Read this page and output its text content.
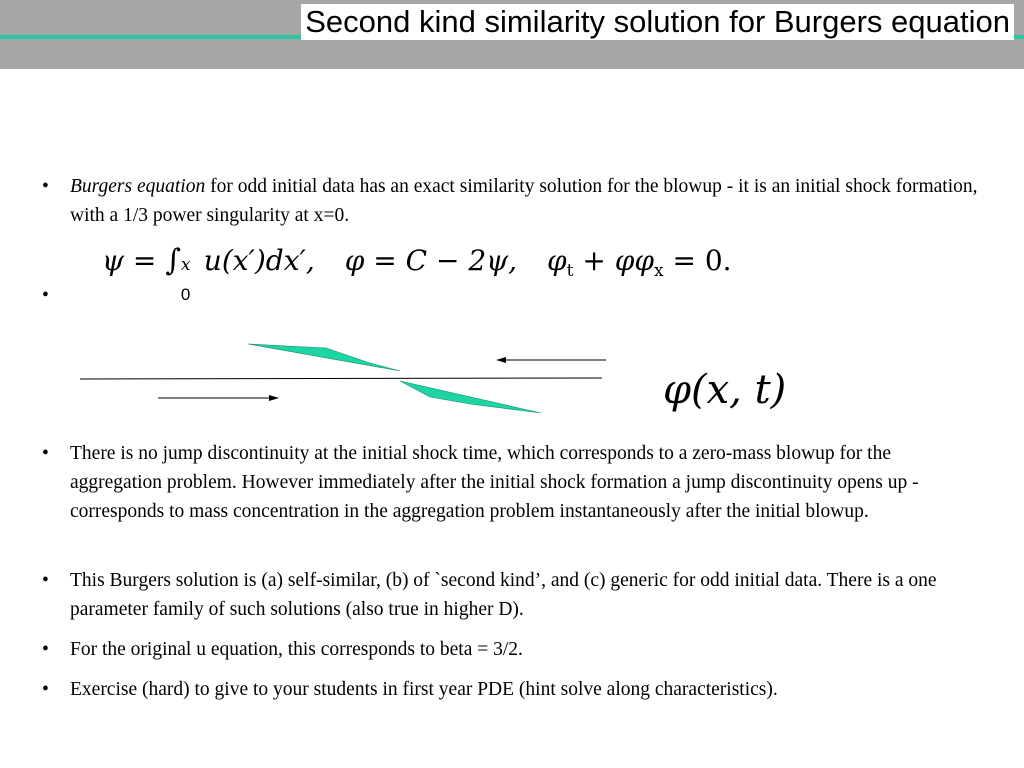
Second kind similarity solution for Burgers equation
• Burgers equation for odd initial data has an exact similarity solution for the blowup - it is an initial shock formation, with a 1/3 power singularity at x=0.
ψ = ∫ x
0
u(x′)dx′, φ = C − 2ψ, $\varphi_t + \varphi\varphi_x = 0$.
•
φ(x, t)
• There is no jump discontinuity at the initial shock time, which corresponds to a zero-mass blowup for the aggregation problem. However immediately after the initial shock formation a jump discontinuity opens up - corresponds to mass concentration in the aggregation problem instantaneously after the initial blowup.
• This Burgers solution is (a) self-similar, (b) of `second kind’, and (c) generic for odd initial data. There is a one parameter family of such solutions (also true in higher D).
• For the original u equation, this corresponds to beta = 3/2.
• Exercise (hard) to give to your students in first year PDE (hint solve along characteristics).
